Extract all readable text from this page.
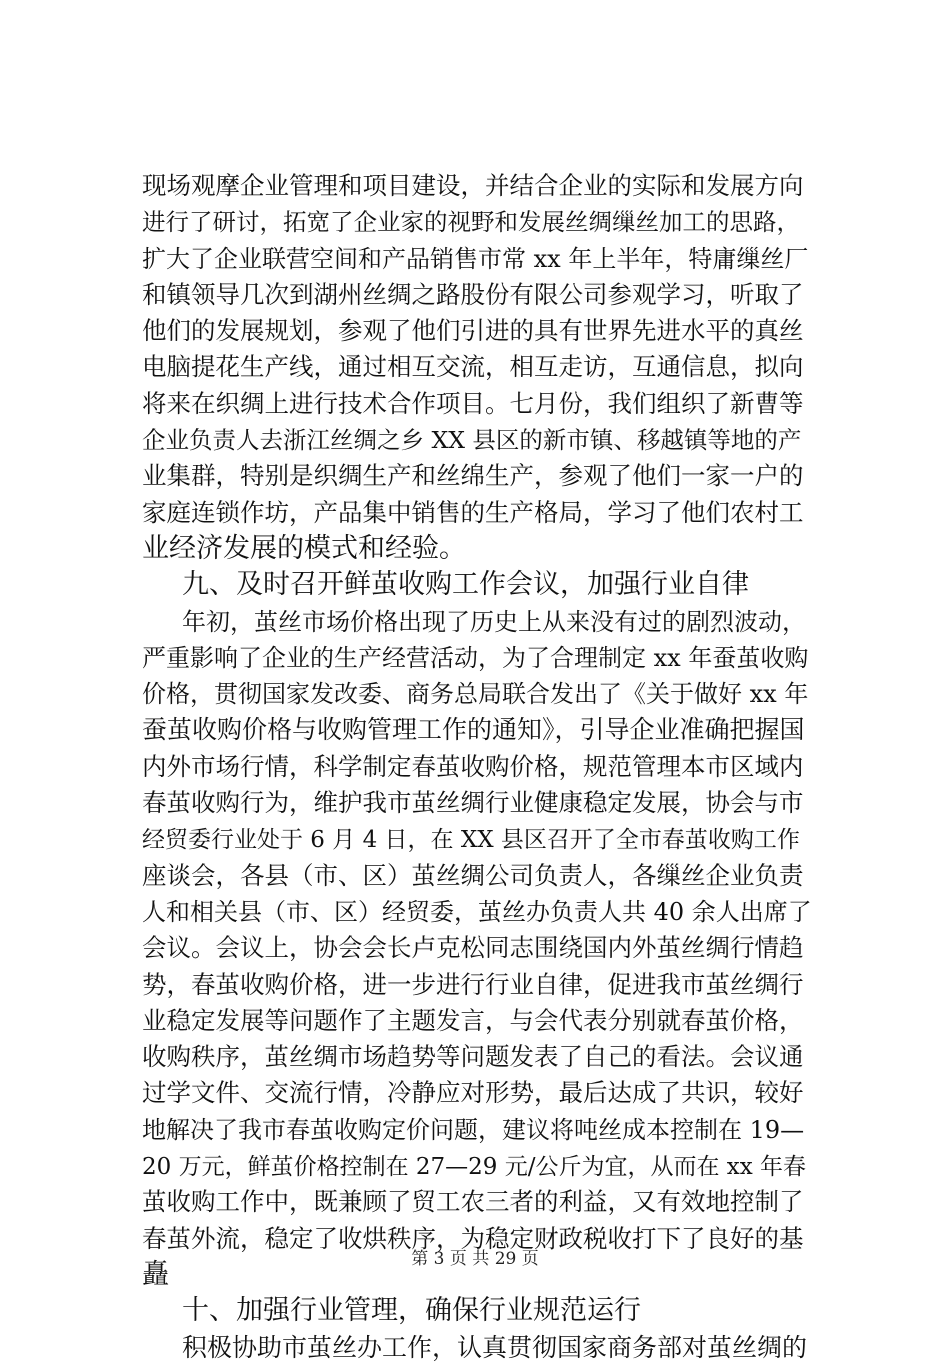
现场观摩企业管理和项目建设，并结合企业的实际和发展方向
进行了研讨，拓宽了企业家的视野和发展丝绸缫丝加工的思路，
扩大了企业联营空间和产品销售市常 xx 年上半年，特庸缫丝厂
和镇领导几次到湖州丝绸之路股份有限公司参观学习，听取了
他们的发展规划，参观了他们引进的具有世界先进水平的真丝
电脑提花生产线，通过相互交流，相互走访，互通信息，拟向
将来在织绸上进行技术合作项目。七月份，我们组织了新曹等
企业负责人去浙江丝绸之乡 XX 县区的新市镇、移越镇等地的产
业集群，特别是织绸生产和丝绵生产，参观了他们一家一户的
家庭连锁作坊，产品集中销售的生产格局，学习了他们农村工
业经济发展的模式和经验。
九、及时召开鲜茧收购工作会议，加强行业自律
年初，茧丝市场价格出现了历史上从来没有过的剧烈波动，
严重影响了企业的生产经营活动，为了合理制定 xx 年蚕茧收购
价格，贯彻国家发改委、商务总局联合发出了《关于做好 xx 年
蚕茧收购价格与收购管理工作的通知》，引导企业准确把握国
内外市场行情，科学制定春茧收购价格，规范管理本市区域内
春茧收购行为，维护我市茧丝绸行业健康稳定发展，协会与市
经贸委行业处于 6 月 4 日，在 XX 县区召开了全市春茧收购工作
座谈会，各县（市、区）茧丝绸公司负责人，各缫丝企业负责
人和相关县（市、区）经贸委，茧丝办负责人共 40 余人出席了
会议。会议上，协会会长卢克松同志围绕国内外茧丝绸行情趋
势，春茧收购价格，进一步进行行业自律，促进我市茧丝绸行
业稳定发展等问题作了主题发言，与会代表分别就春茧价格，
收购秩序，茧丝绸市场趋势等问题发表了自己的看法。会议通
过学文件、交流行情，冷静应对形势，最后达成了共识，较好
地解决了我市春茧收购定价问题，建议将吨丝成本控制在 19—
20 万元，鲜茧价格控制在 27—29 元/公斤为宜，从而在 xx 年春
茧收购工作中，既兼顾了贸工农三者的利益，又有效地控制了
春茧外流，稳定了收烘秩序，为稳定财政税收打下了良好的基
矗
十、加强行业管理，确保行业规范运行
积极协助市茧丝办工作，认真贯彻国家商务部对茧丝绸的
第 3 页 共 29 页
